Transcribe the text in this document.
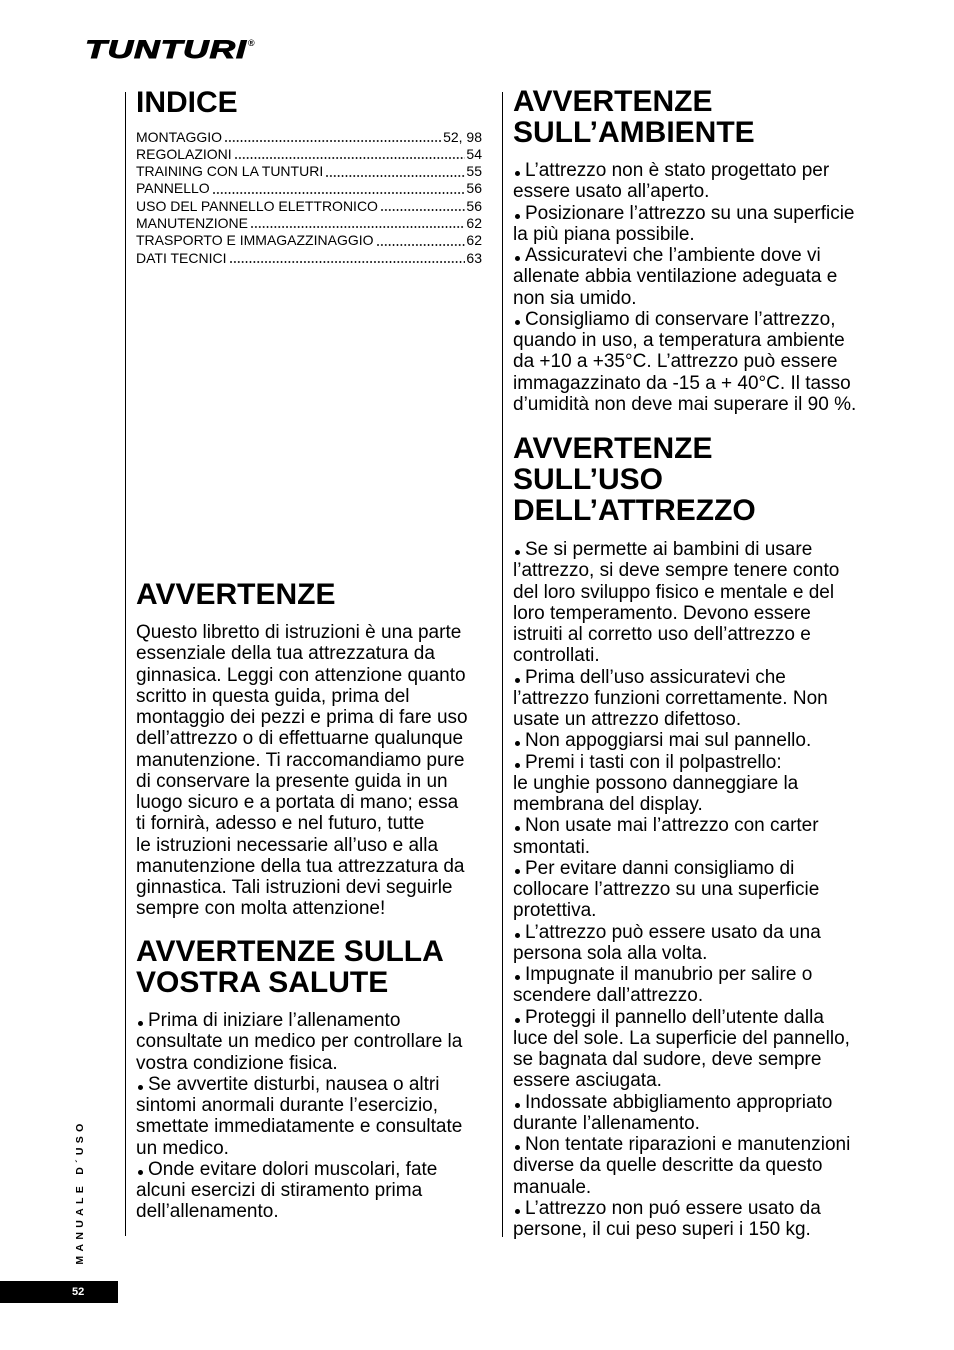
TUNTURI ®
INDICE
MONTAGGIO	52, 98
REGOLAZIONI	54
TRAINING CON LA TUNTURI	55
PANNELLO	56
USO DEL PANNELLO ELETTRONICO	56
MANUTENZIONE	62
TRASPORTO E IMMAGAZZINAGGIO	62
DATI TECNICI	63
AVVERTENZE

Questo libretto di istruzioni è una parte
essenziale della tua attrezzatura da
ginnasica. Leggi con attenzione quanto
scritto in questa guida, prima del
montaggio dei pezzi e prima di fare uso
dell’attrezzo o di effettuarne qualunque
manutenzione. Ti raccomandiamo pure
di conservare la presente guida in un
luogo sicuro e a portata di mano; essa
ti fornirà, adesso e nel futuro, tutte
le istruzioni necessarie all’uso e alla
manutenzione della tua attrezzatura da
ginnastica. Tali istruzioni devi seguirle
sempre con molta attenzione!

AVVERTENZE SULLA
VOSTRA SALUTE

Prima di iniziare l’allenamento
consultate un medico per controllare la
vostra condizione fisica.

Se avvertite disturbi, nausea o altri
sintomi anormali durante l’esercizio,
smettate immediatamente e consultate
un medico.

Onde evitare dolori muscolari, fate
alcuni esercizi di stiramento prima
dell’allenamento.

AVVERTENZE
SULL’AMBIENTE

L’attrezzo non è stato progettato per
essere usato all’aperto.

Posizionare l’attrezzo su una superficie
la più piana possibile.

Assicuratevi che l’ambiente dove vi
allenate abbia ventilazione adeguata e
non sia umido.

Consigliamo di conservare l’attrezzo,
quando in uso, a temperatura ambiente
da +10 a +35°C. L’attrezzo può essere
immagazzinato da -15 a + 40°C. Il tasso
d’umidità non deve mai superare il 90 %.

AVVERTENZE
SULL’USO
DELL’ATTREZZO

Se si permette ai bambini di usare
l’attrezzo, si deve sempre tenere conto
del loro sviluppo fisico e mentale e del
loro temperamento. Devono essere
istruiti al corretto uso dell’attrezzo e
controllati.

Prima dell’uso assicuratevi che
l’attrezzo funzioni correttamente. Non
usate un attrezzo difettoso.

Non appoggiarsi mai sul pannello.

Premi i tasti con il polpastrello:
le unghie possono danneggiare la
membrana del display.

Non usate mai l’attrezzo con carter
smontati.

Per evitare danni consigliamo di
collocare l’attrezzo su una superficie
protettiva.

L’attrezzo può essere usato da una
persona sola alla volta.

Impugnate il manubrio per salire o
scendere dall’attrezzo.

Proteggi il pannello dell’utente dalla
luce del sole. La superficie del pannello,
se bagnata dal sudore, deve sempre
essere asciugata.

Indossate abbigliamento appropriato
durante l’allenamento.

Non tentate riparazioni e manutenzioni
diverse da quelle descritte da questo
manuale.

L’attrezzo non puó essere usato da
persone, il cui peso superi i 150 kg.

MANUALE D´USO
52
